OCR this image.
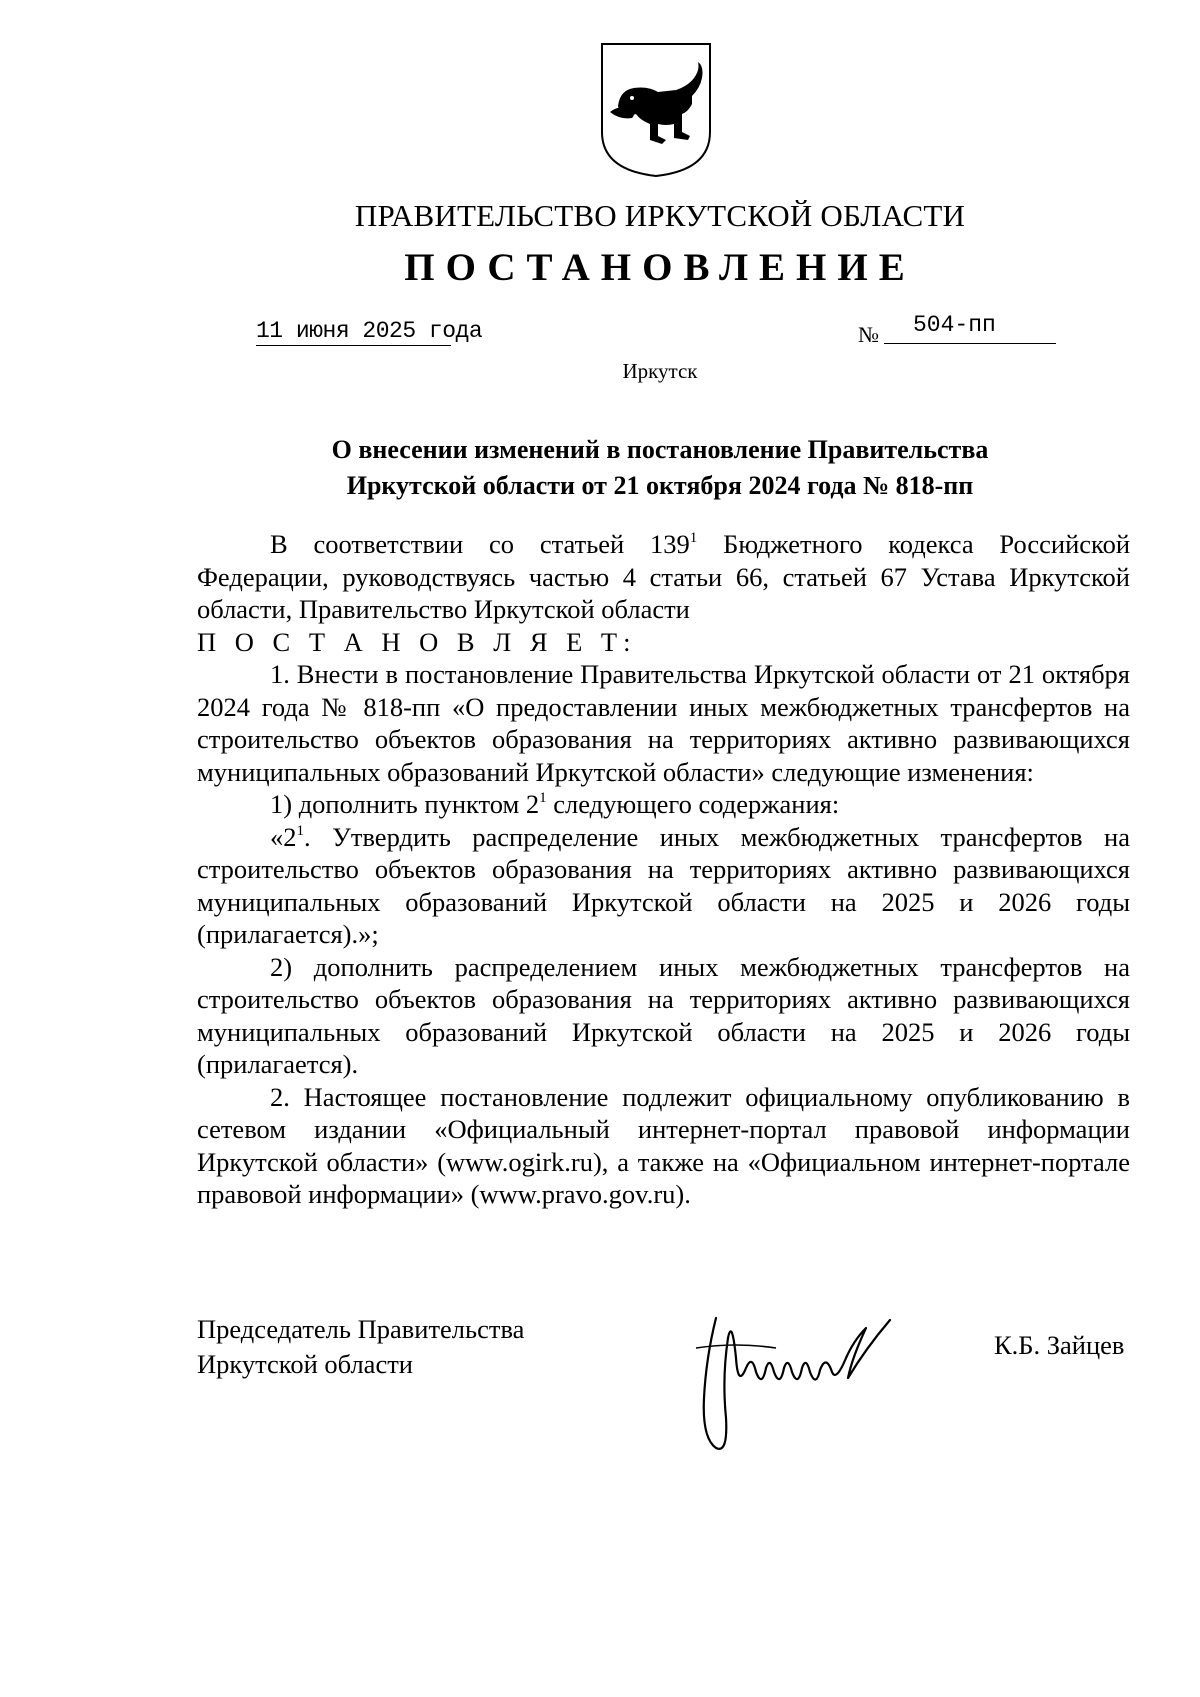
ПРАВИТЕЛЬСТВО ИРКУТСКОЙ ОБЛАСТИ
ПОСТАНОВЛЕНИЕ
11 июня 2025 года	№ 504-пп
Иркутск
О внесении изменений в постановление Правительства
Иркутской области от 21 октября 2024 года № 818-пп

В соответствии со статьей $139^1$ Бюджетного кодекса Российской Федерации, руководствуясь частью 4 статьи 66, статьей 67 Устава Иркутской области, Правительство Иркутской области

П О С Т А Н О В Л Я Е Т:

1. Внести в постановление Правительства Иркутской области от 21 октября 2024 года № 818-пп «О предоставлении иных межбюджетных трансфертов на строительство объектов образования на территориях активно развивающихся муниципальных образований Иркутской области» следующие изменения:

1) дополнить пунктом $2^1$ следующего содержания:

«$2^1$. Утвердить распределение иных межбюджетных трансфертов на строительство объектов образования на территориях активно развивающихся муниципальных образований Иркутской области на 2025 и 2026 годы (прилагается).»;

2) дополнить распределением иных межбюджетных трансфертов на строительство объектов образования на территориях активно развивающихся муниципальных образований Иркутской области на 2025 и 2026 годы (прилагается).

2. Настоящее постановление подлежит официальному опубликованию в сетевом издании «Официальный интернет-портал правовой информации Иркутской области» (www.ogirk.ru), а также на «Официальном интернет-портале правовой информации» (www.pravo.gov.ru).

Председатель Правительства
Иркутской области
К.Б. Зайцев
